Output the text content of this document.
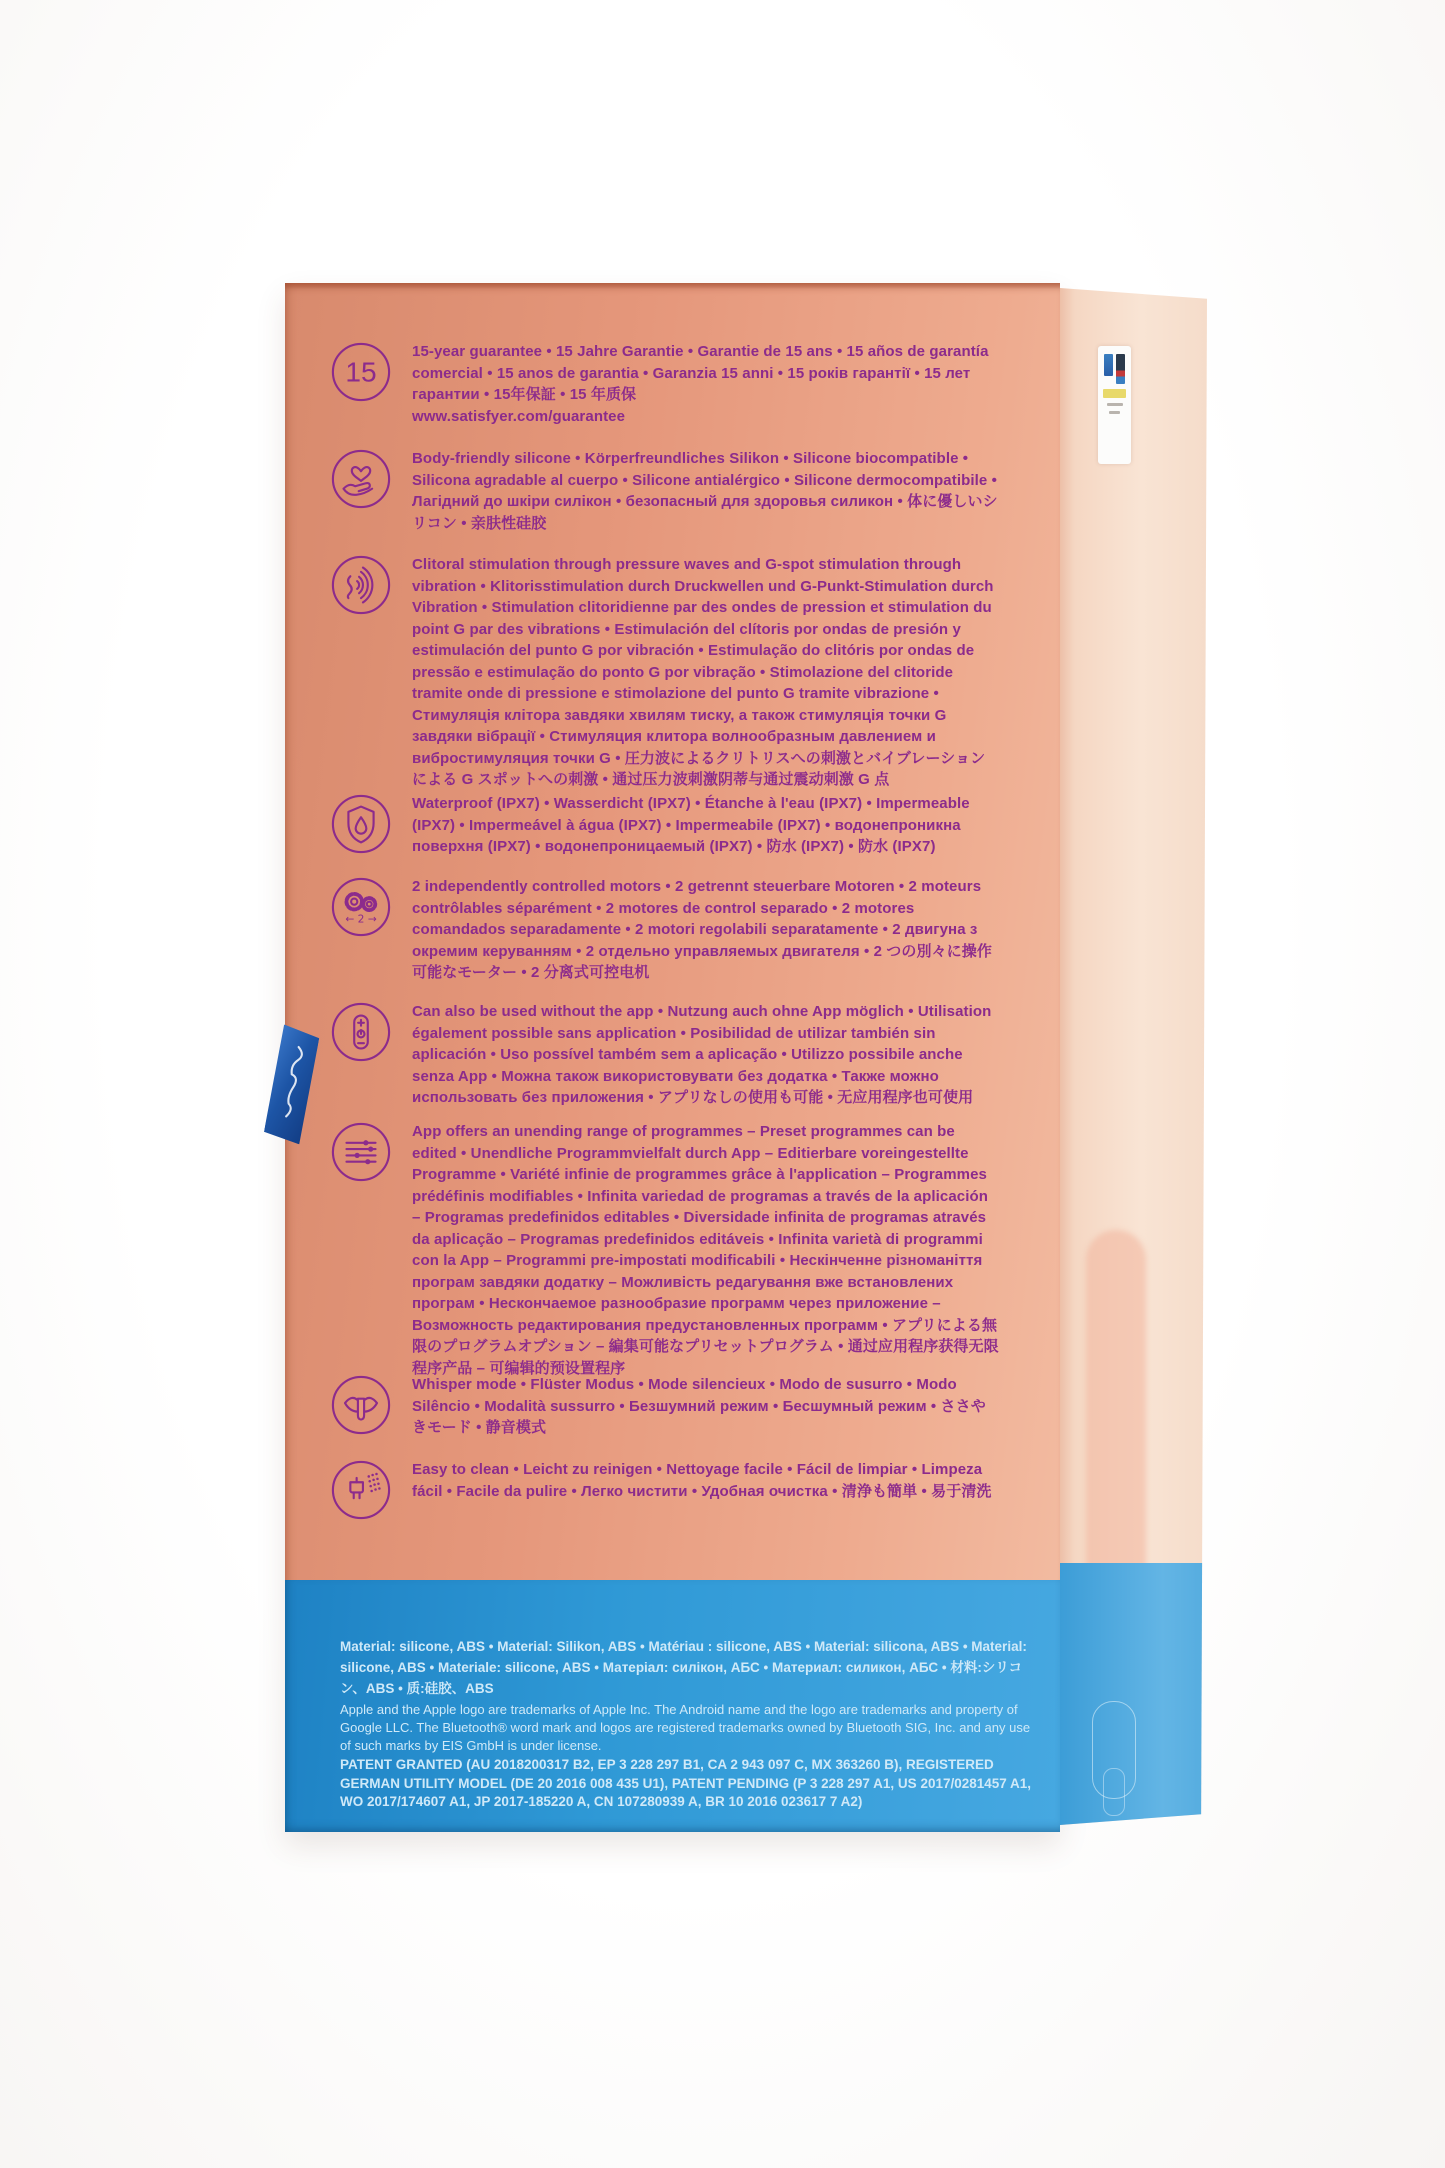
15
15-year guarantee • 15 Jahre Garantie • Garantie de 15 ans • 15 años de garantía comercial • 15 anos de garantia • Garanzia 15 anni • 15 років гарантії • 15 лет гарантии • 15年保証 • 15 年质保
www.satisfyer.com/guarantee
Body-friendly silicone • Körperfreundliches Silikon • Silicone biocompatible • Silicona agradable al cuerpo • Silicone antialérgico • Silicone dermocompatibile • Лагідний до шкіри силікон • безопасный для здоровья силикон • 体に優しいシリコン • 亲肤性硅胶
Clitoral stimulation through pressure waves and G-spot stimulation through vibration • Klitorisstimulation durch Druckwellen und G-Punkt-Stimulation durch Vibration • Stimulation clitoridienne par des ondes de pression et stimulation du point G par des vibrations • Estimulación del clítoris por ondas de presión y estimulación del punto G por vibración • Estimulação do clitóris por ondas de pressão e estimulação do ponto G por vibração • Stimolazione del clitoride tramite onde di pressione e stimolazione del punto G tramite vibrazione • Стимуляція клітора завдяки хвилям тиску, а також стимуляція точки G завдяки вібрації • Стимуляция клитора волнообразным давлением и вибростимуляция точки G • 圧力波によるクリトリスへの刺激とバイブレーションによる G スポットへの刺激 • 通过压力波刺激阴蒂与通过震动刺激 G 点
Waterproof (IPX7) • Wasserdicht (IPX7) • Étanche à l'eau (IPX7) • Impermeable (IPX7) • Impermeável à água (IPX7) • Impermeabile (IPX7) • водонепроникна поверхня (IPX7) • водонепроницаемый (IPX7) • 防水 (IPX7) • 防水 (IPX7)
← 2 →
2 independently controlled motors • 2 getrennt steuerbare Motoren • 2 moteurs contrôlables séparément • 2 motores de control separado • 2 motores comandados separadamente • 2 motori regolabili separatamente • 2 двигуна з окремим керуванням • 2 отдельно управляемых двигателя • 2 つの別々に操作可能なモーター • 2 分离式可控电机
Can also be used without the app • Nutzung auch ohne App möglich • Utilisation également possible sans application • Posibilidad de utilizar también sin aplicación • Uso possível também sem a aplicação • Utilizzo possibile anche senza App • Можна також використовувати без додатка • Также можно использовать без приложения • アプリなしの使用も可能 • 无应用程序也可使用
App offers an unending range of programmes – Preset programmes can be edited • Unendliche Programmvielfalt durch App – Editierbare voreingestellte Programme • Variété infinie de programmes grâce à l'application – Programmes prédéfinis modifiables • Infinita variedad de programas a través de la aplicación – Programas predefinidos editables • Diversidade infinita de programas através da aplicação – Programas predefinidos editáveis • Infinita varietà di programmi con la App – Programmi pre-impostati modificabili • Нескінченне різноманіття програм завдяки додатку – Можливість редагування вже встановлених програм • Нескончаемое разнообразие программ через приложение – Возможность редактирования предустановленных программ • アプリによる無限のプログラムオプション – 編集可能なプリセットプログラム • 通过应用程序获得无限程序产品 – 可编辑的预设置程序
Whisper mode • Flüster Modus • Mode silencieux • Modo de susurro • Modo Silêncio • Modalità sussurro • Безшумний режим • Бесшумный режим • ささやきモード • 静音模式
Easy to clean • Leicht zu reinigen • Nettoyage facile • Fácil de limpiar • Limpeza fácil • Facile da pulire • Легко чистити • Удобная очистка • 清浄も簡単 • 易于清洗

Material: silicone, ABS • Material: Silikon, ABS • Matériau : silicone, ABS • Material: silicona, ABS • Material: silicone, ABS • Materiale: silicone, ABS • Матеріал: силікон, АБС • Материал: силикон, АБС • 材料:シリコン、ABS • 质:硅胶、ABS

Apple and the Apple logo are trademarks of Apple Inc. The Android name and the logo are trademarks and property of Google LLC. The Bluetooth® word mark and logos are registered trademarks owned by Bluetooth SIG, Inc. and any use of such marks by EIS GmbH is under license.

PATENT GRANTED (AU 2018200317 B2, EP 3 228 297 B1, CA 2 943 097 C, MX 363260 B), REGISTERED GERMAN UTILITY MODEL (DE 20 2016 008 435 U1), PATENT PENDING (P 3 228 297 A1, US 2017/0281457 A1, WO 2017/174607 A1, JP 2017-185220 A, CN 107280939 A, BR 10 2016 023617 7 A2)
